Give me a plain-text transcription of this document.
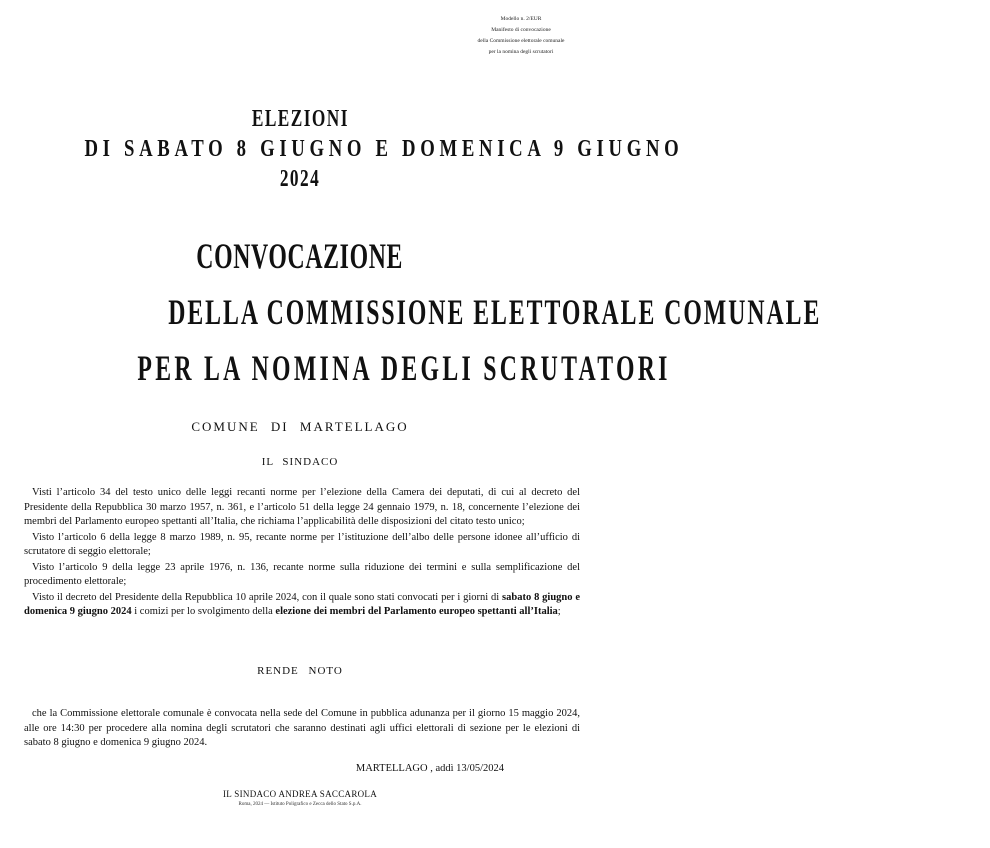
Modello n. 2/EUR
Manifesto di convocazione
della Commissione elettorale comunale
per la nomina degli scrutatori
ELEZIONI
DI SABATO 8 GIUGNO E DOMENICA 9 GIUGNO
2024
CONVOCAZIONE
DELLA COMMISSIONE ELETTORALE COMUNALE
PER LA NOMINA DEGLI SCRUTATORI
COMUNE DI MARTELLAGO
IL SINDACO

Visti l’articolo 34 del testo unico delle leggi recanti norme per l’elezione della Camera dei deputati, di cui al decreto del Presidente della Repubblica 30 marzo 1957, n. 361, e l’articolo 51 della legge 24 gennaio 1979, n. 18, concernente l’elezione dei membri del Parlamento europeo spettanti all’Italia, che richiama l’applicabilità delle disposizioni del citato testo unico;

Visto l’articolo 6 della legge 8 marzo 1989, n. 95, recante norme per l’istituzione dell’albo delle persone idonee all’ufficio di scrutatore di seggio elettorale;

Visto l’articolo 9 della legge 23 aprile 1976, n. 136, recante norme sulla riduzione dei termini e sulla semplificazione del procedimento elettorale;

Visto il decreto del Presidente della Repubblica 10 aprile 2024, con il quale sono stati convocati per i giorni di sabato 8 giugno e domenica 9 giugno 2024 i comizi per lo svolgimento della elezione dei membri del Parlamento europeo spettanti all’Italia;

RENDE NOTO

che la Commissione elettorale comunale è convocata nella sede del Comune in pubblica adunanza per il giorno 15 maggio 2024, alle ore 14:30 per procedere alla nomina degli scrutatori che saranno destinati agli uffici elettorali di sezione per le elezioni di sabato 8 giugno e domenica 9 giugno 2024.

MARTELLAGO , addì 13/05/2024
IL SINDACO ANDREA SACCAROLA
Roma, 2024 — Istituto Poligrafico e Zecca dello Stato S.p.A.
